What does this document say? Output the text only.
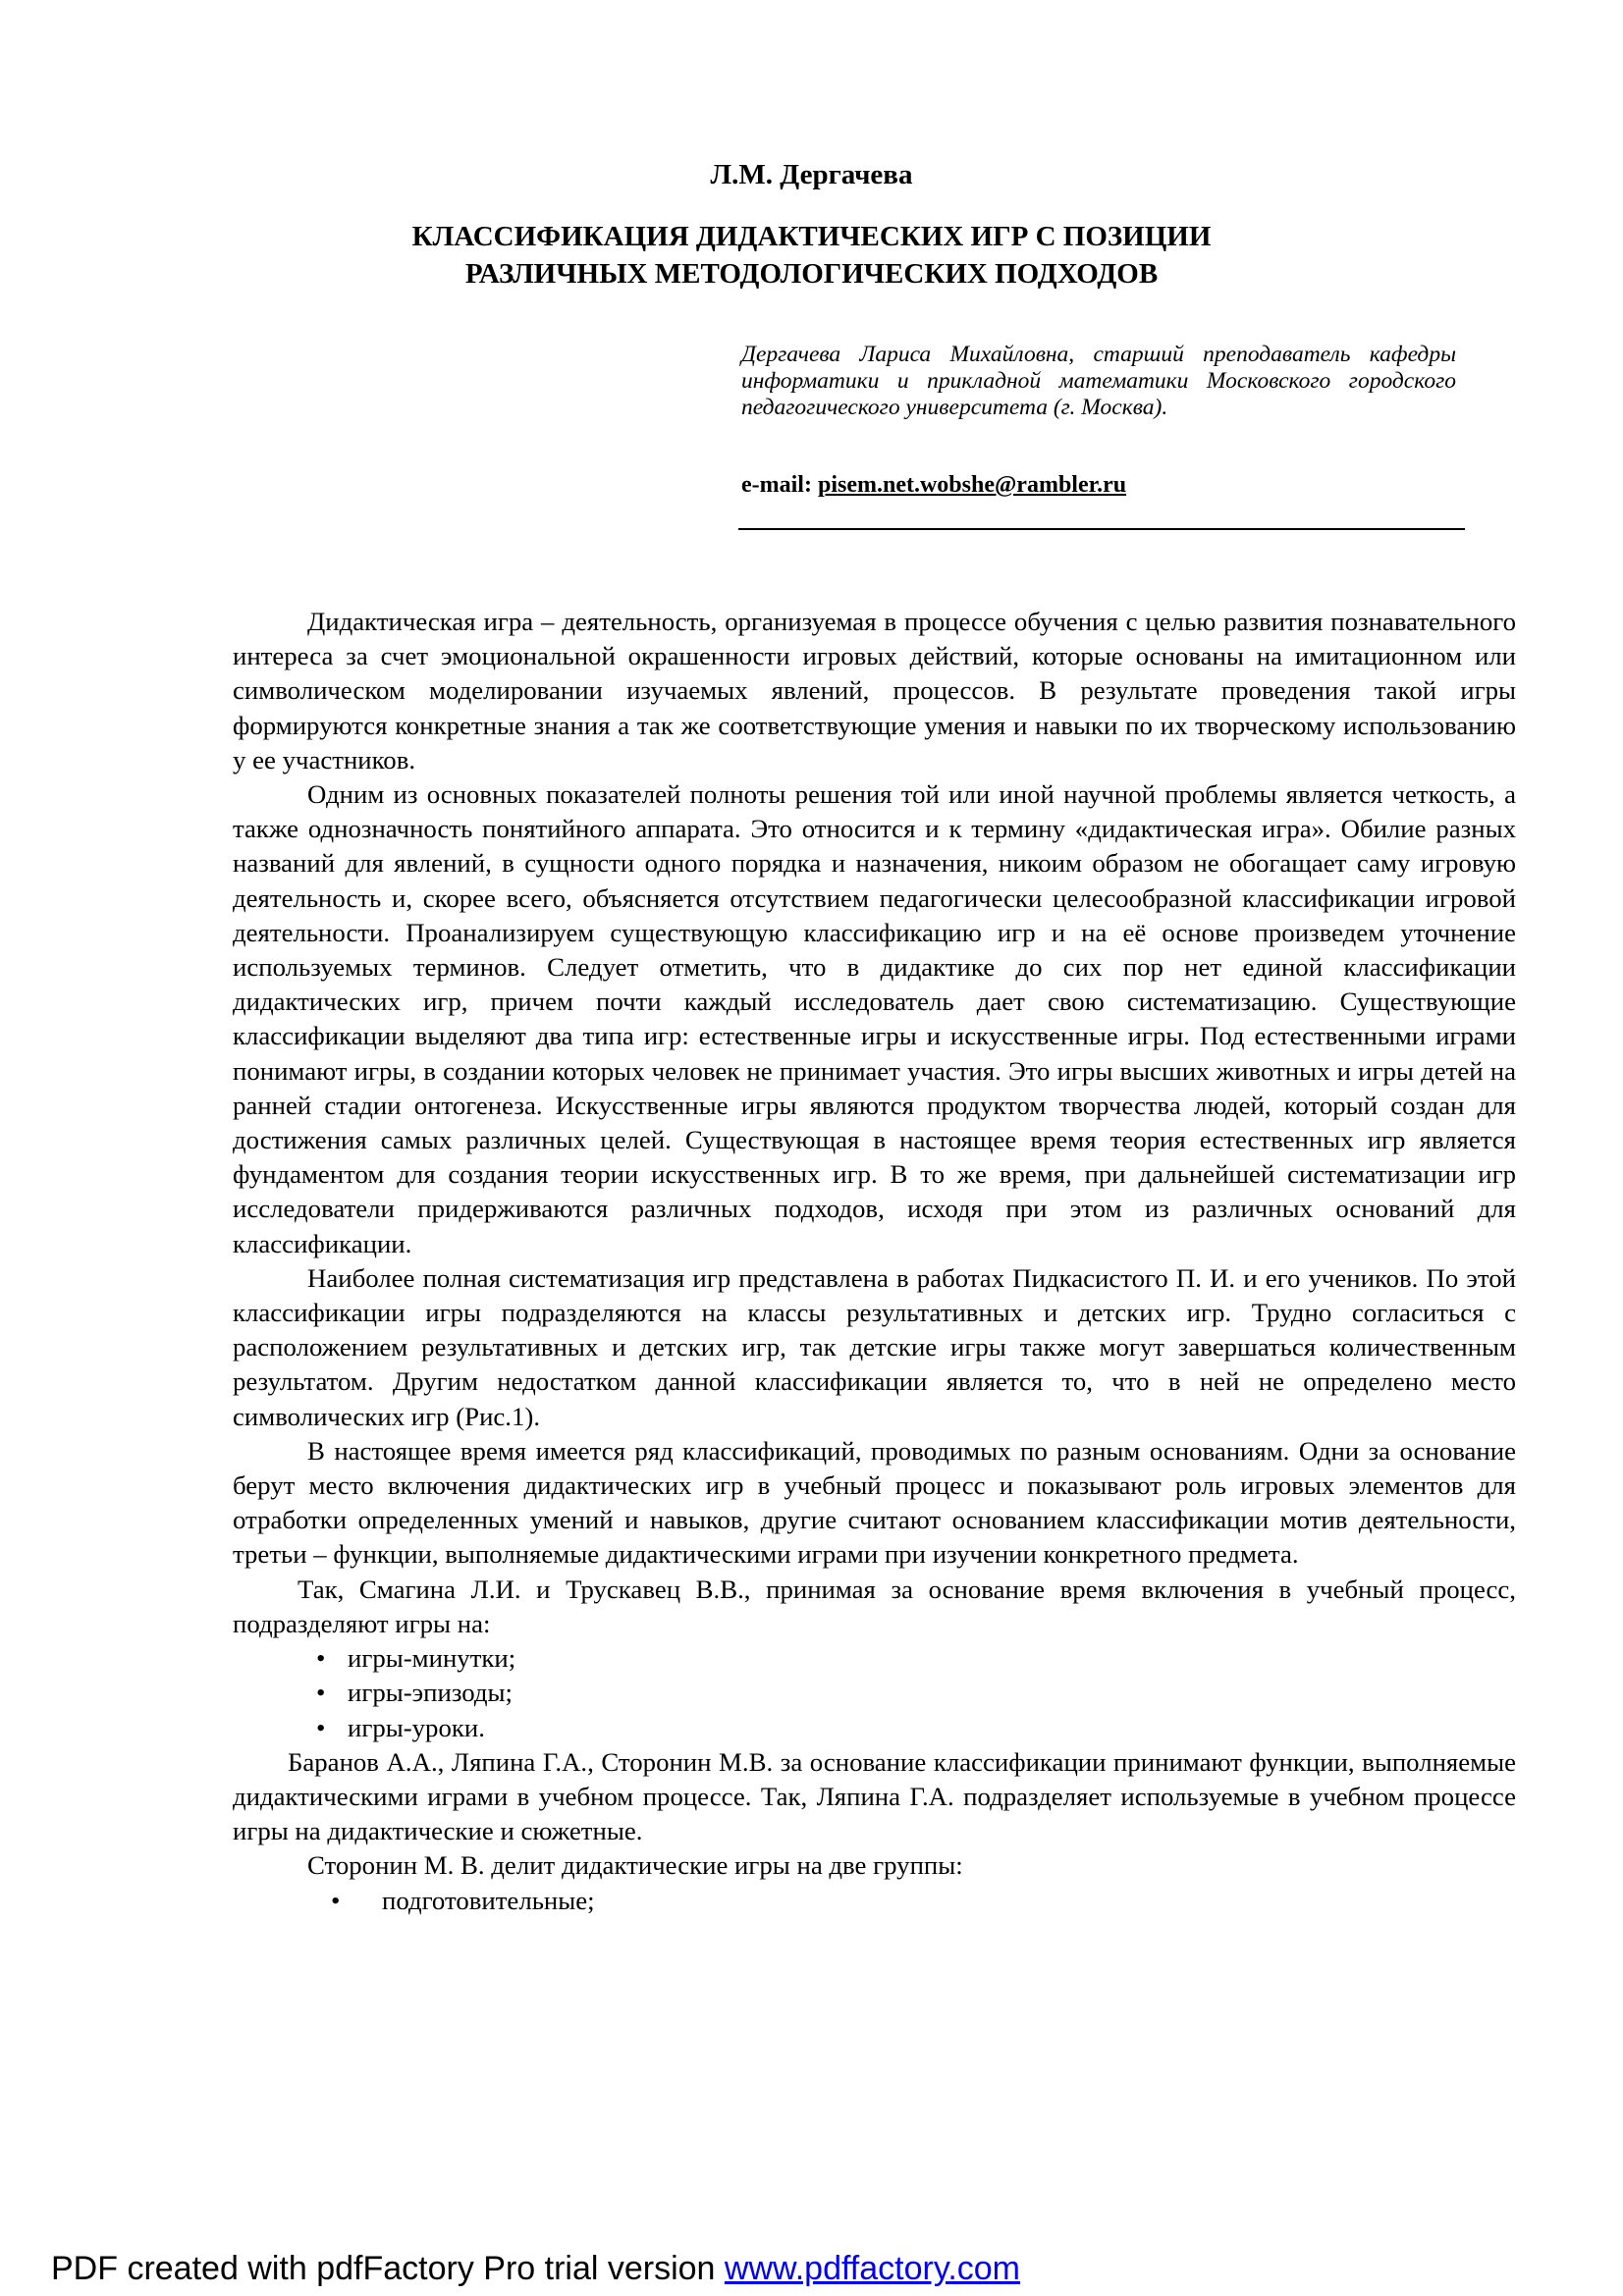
Л.М. Дергачева
КЛАССИФИКАЦИЯ ДИДАКТИЧЕСКИХ ИГР С ПОЗИЦИИ
РАЗЛИЧНЫХ МЕТОДОЛОГИЧЕСКИХ ПОДХОДОВ
Дергачева Лариса Михайловна, старший преподаватель кафедры информатики и прикладной математики Московского городского педагогического университета (г. Москва).
e-mail: pisem.net.wobshe@rambler.ru

Дидактическая игра – деятельность, организуемая в процессе обучения с целью развития познавательного интереса за счет эмоциональной окрашенности игровых действий, которые основаны на имитационном или символическом моделировании изучаемых явлений, процессов. В результате проведения такой игры формируются конкретные знания а так же соответствующие умения и навыки по их творческому использованию у ее участников.

Одним из основных показателей полноты решения той или иной научной проблемы является четкость, а также однозначность понятийного аппарата. Это относится и к термину «дидактическая игра». Обилие разных названий для явлений, в сущности одного порядка и назначения, никоим образом не обогащает саму игровую деятельность и, скорее всего, объясняется отсутствием педагогически целесообразной классификации игровой деятельности. Проанализируем существующую классификацию игр и на её основе произведем уточнение используемых терминов. Следует отметить, что в дидактике до сих пор нет единой классификации дидактических игр, причем почти каждый исследователь дает свою систематизацию. Существующие классификации выделяют два типа игр: естественные игры и искусственные игры. Под естественными играми понимают игры, в создании которых человек не принимает участия. Это игры высших животных и игры детей на ранней стадии онтогенеза. Искусственные игры являются продуктом творчества людей, который создан для достижения самых различных целей. Существующая в настоящее время теория естественных игр является фундаментом для создания теории искусственных игр. В то же время, при дальнейшей систематизации игр исследователи придерживаются различных подходов, исходя при этом из различных оснований для классификации.

Наиболее полная систематизация игр представлена в работах Пидкасистого П. И. и его учеников. По этой классификации игры подразделяются на классы результативных и детских игр. Трудно согласиться с расположением результативных и детских игр, так детские игры также могут завершаться количественным результатом. Другим недостатком данной классификации является то, что в ней не определено место символических игр (Рис.1).

В настоящее время имеется ряд классификаций, проводимых по разным основаниям. Одни за основание берут место включения дидактических игр в учебный процесс и показывают роль игровых элементов для отработки определенных умений и навыков, другие считают основанием классификации мотив деятельности, третьи – функции, выполняемые дидактическими играми при изучении конкретного предмета.

Так, Смагина Л.И. и Трускавец В.В., принимая за основание время включения в учебный процесс, подразделяют игры на:

• игры-минутки;
• игры-эпизоды;
• игры-уроки.

Баранов А.А., Ляпина Г.А., Сторонин М.В. за основание классификации принимают функции, выполняемые дидактическими играми в учебном процессе. Так, Ляпина Г.А. подразделяет используемые в учебном процессе игры на дидактические и сюжетные.

Сторонин М. В. делит дидактические игры на две группы:

• подготовительные;
PDF created with pdfFactory Pro trial version www.pdffactory.com
